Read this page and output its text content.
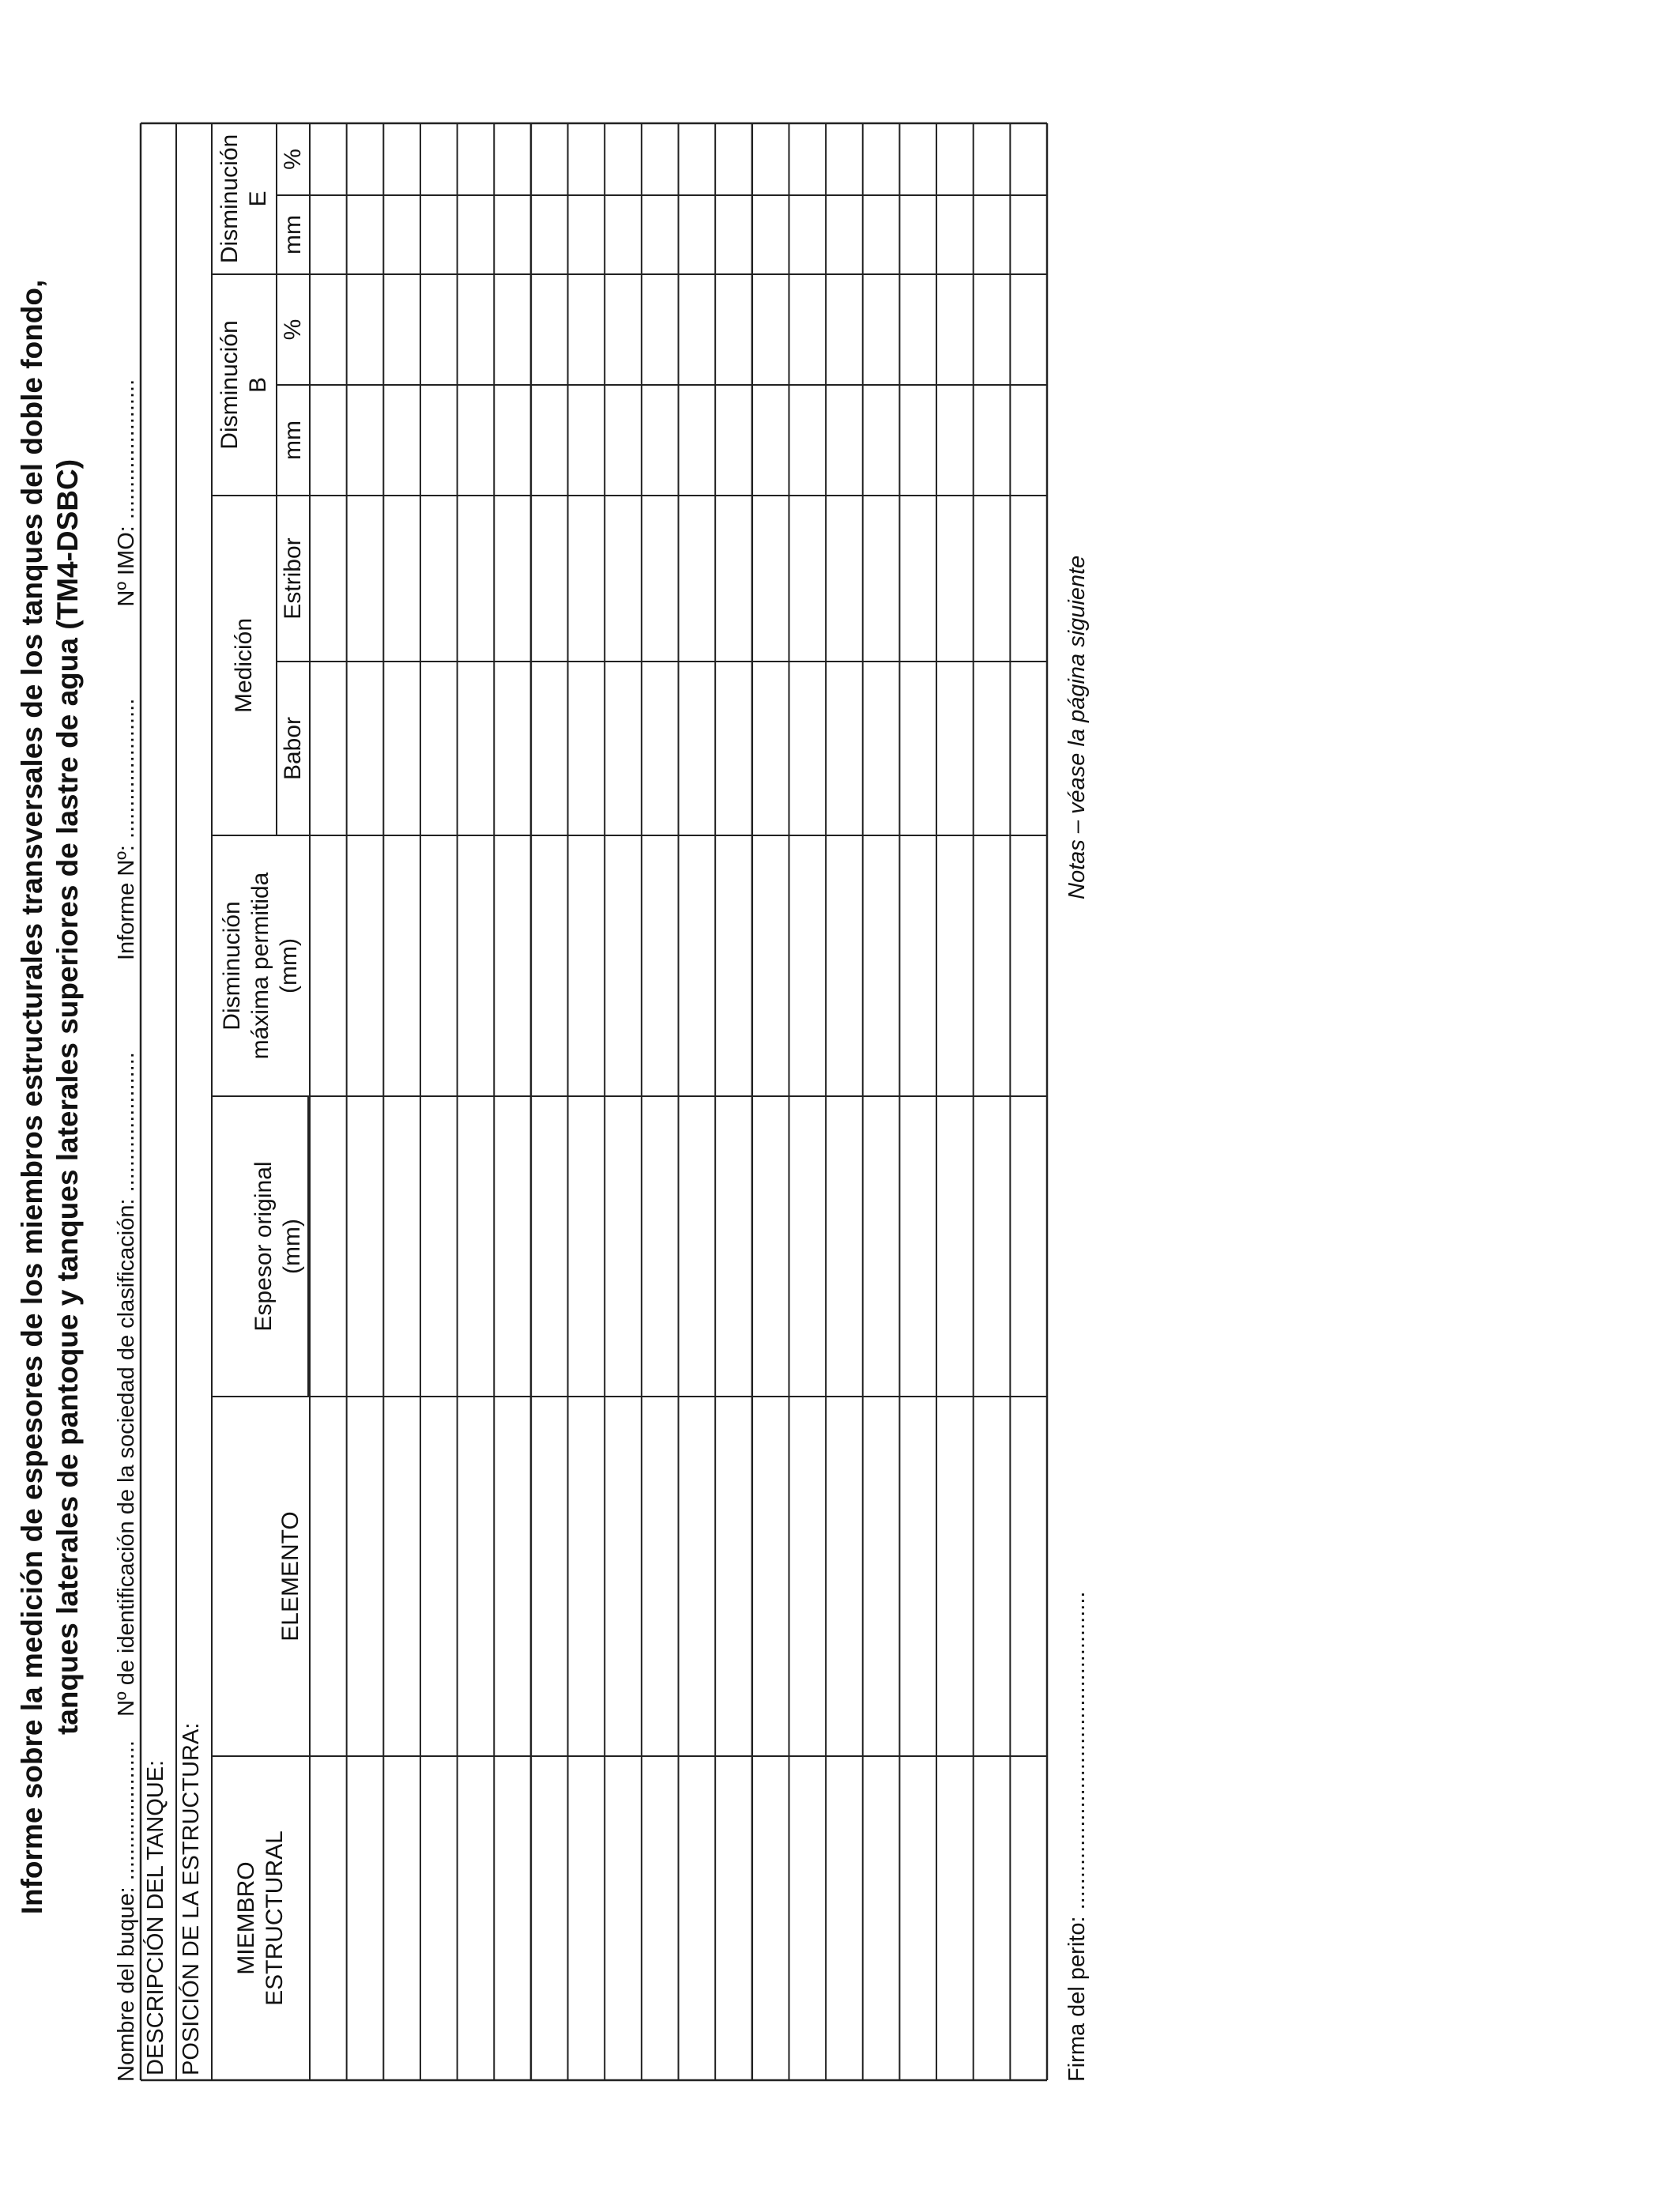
Informe sobre la medición de espesores de los miembros estructurales transversales de los tanques del doble fondo, tanques laterales de pantoque y tanques laterales superiores de lastre de agua (TM4-DSBC)
Nombre del buque: ......................  Nº de identificación de la sociedad de clasificación: ......................  Informe Nº: ......................  Nº IMO: ......................
DESCRIPCIÓN DEL TANQUE: POSICIÓN DE LA ESTRUCTURA: MIEMBRO ESTRUCTURAL
ELEMENTO
Espesor original (mm)
Disminución máxima permitida (mm)
Medición
Babor
Estribor
Disminución B
mm
%
Firma del perito: ..................................................
Notas – véase la página siguiente
Disminución E
mm
%
